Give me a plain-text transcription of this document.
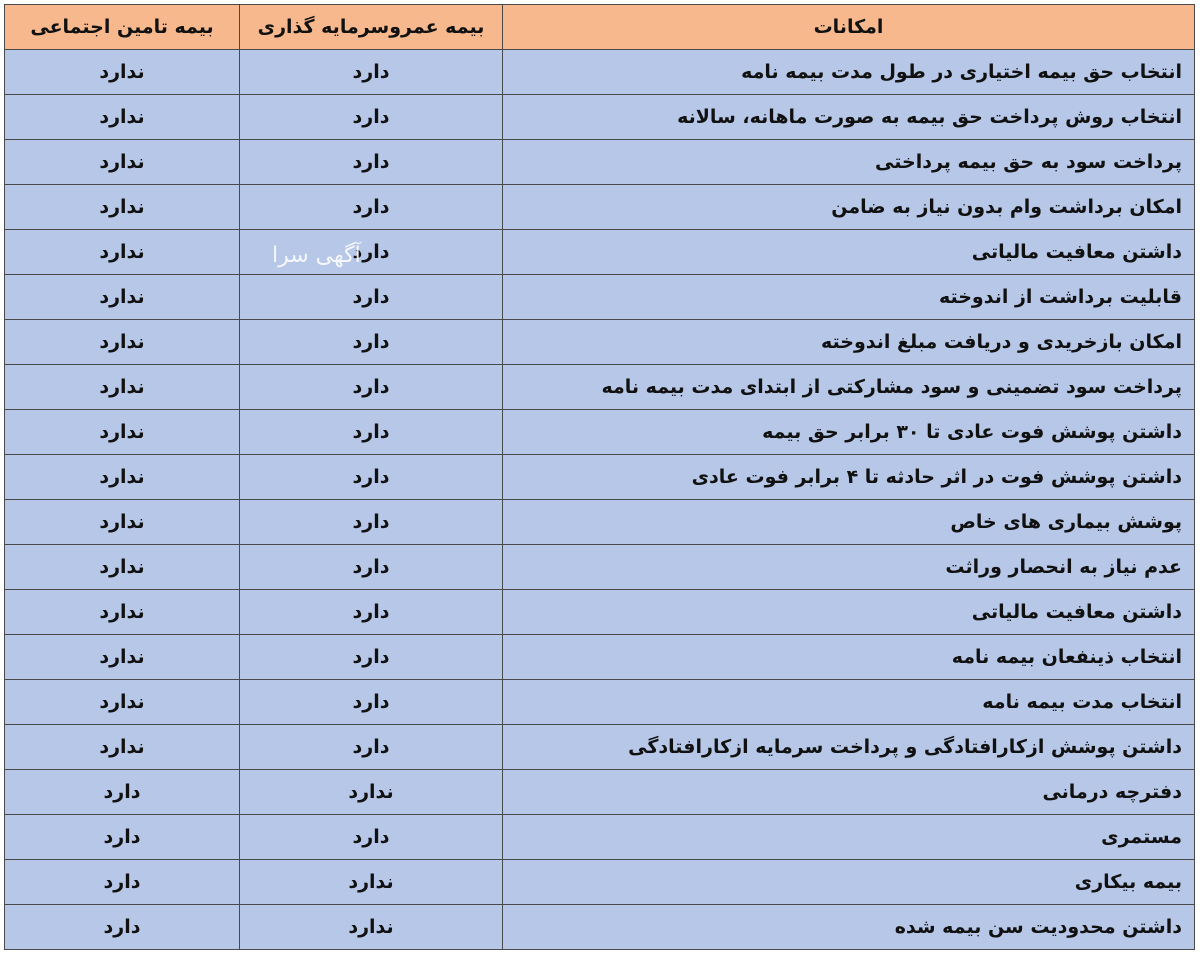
امکانات	بیمه عمروسرمایه گذاری	بیمه تامین اجتماعی
انتخاب حق بیمه اختیاری در طول مدت بیمه نامه	دارد	ندارد
انتخاب روش پرداخت حق بیمه به صورت ماهانه، سالانه	دارد	ندارد
پرداخت سود به حق بیمه پرداختی	دارد	ندارد
امکان برداشت وام بدون نیاز به ضامن	دارد	ندارد
داشتن معافیت مالیاتی	دارد	ندارد
قابلیت برداشت از اندوخته	دارد	ندارد
امکان بازخریدی و دریافت مبلغ اندوخته	دارد	ندارد
پرداخت سود تضمینی و سود مشارکتی از ابتدای مدت بیمه نامه	دارد	ندارد
داشتن پوشش فوت عادی تا ۳۰ برابر حق بیمه	دارد	ندارد
داشتن پوشش فوت در اثر حادثه تا ۴ برابر فوت عادی	دارد	ندارد
پوشش بیماری های خاص	دارد	ندارد
عدم نیاز به انحصار وراثت	دارد	ندارد
داشتن معافیت مالیاتی	دارد	ندارد
انتخاب ذینفعان بیمه نامه	دارد	ندارد
انتخاب مدت بیمه نامه	دارد	ندارد
داشتن پوشش ازکارافتادگی و پرداخت سرمایه ازکارافتادگی	دارد	ندارد
دفترچه درمانی	ندارد	دارد
مستمری	دارد	دارد
بیمه بیکاری	ندارد	دارد
داشتن محدودیت سن بیمه شده	ندارد	دارد
آگهی سرا
